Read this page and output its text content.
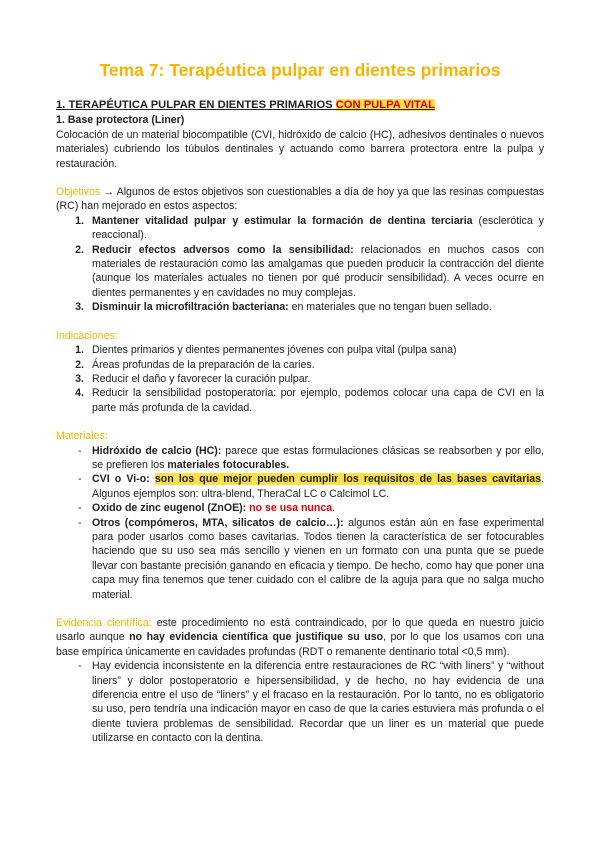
Tema 7: Terapéutica pulpar en dientes primarios

1. TERAPÉUTICA PULPAR EN DIENTES PRIMARIOS CON PULPA VITAL

1. Base protectora (Liner)

Colocación de un material biocompatible (CVI, hidróxido de calcio (HC), adhesivos dentinales o nuevos materiales) cubriendo los túbulos dentinales y actuando como barrera protectora entre la pulpa y restauración.

Objetivos → Algunos de estos objetivos son cuestionables a día de hoy ya que las resinas compuestas (RC) han mejorado en estos aspectos:

1. Mantener vitalidad pulpar y estimular la formación de dentina terciaria (esclerótica y reaccional).
2. Reducir efectos adversos como la sensibilidad: relacionados en muchos casos con materiales de restauración como las amalgamas que pueden producir la contracción del diente (aunque los materiales actuales no tienen por qué producir sensibilidad). A veces ocurre en dientes permanentes y en cavidades no muy complejas.
3. Disminuir la microfiltración bacteriana: en materiales que no tengan buen sellado.

Indicaciones:

1. Dientes primarios y dientes permanentes jóvenes con pulpa vital (pulpa sana)
2. Áreas profundas de la preparación de la caries.
3. Reducir el daño y favorecer la curación pulpar.
4. Reducir la sensibilidad postoperatoria: por ejemplo, podemos colocar una capa de CVI en la parte más profunda de la cavidad.

Materiales:

- Hidróxido de calcio (HC): parece que estas formulaciones clásicas se reabsorben y por ello, se prefieren los materiales fotocurables.
- CVI o Vi-o: son los que mejor pueden cumplir los requisitos de las bases cavitarias. Algunos ejemplos son: ultra-blend, TheraCal LC o Calcimol LC.
- Oxido de zinc eugenol (ZnOE): no se usa nunca.
- Otros (compómeros, MTA, silicatos de calcio…): algunos están aún en fase experimental para poder usarlos como bases cavitarias. Todos tienen la característica de ser fotocurables haciendo que su uso sea más sencillo y vienen en un formato con una punta que se puede llevar con bastante precisión ganando en eficacia y tiempo. De hecho, como hay que poner una capa muy fina tenemos que tener cuidado con el calibre de la aguja para que no salga mucho material.

Evidencia científica: este procedimiento no está contraindicado, por lo que queda en nuestro juicio usarlo aunque no hay evidencia científica que justifique su uso, por lo que los usamos con una base empírica únicamente en cavidades profundas (RDT o remanente dentinario total <0,5 mm).

- Hay evidencia inconsistente en la diferencia entre restauraciones de RC “with liners” y “without liners” y dolor postoperatorio e hipersensibilidad, y de hecho, no hay evidencia de una diferencia entre el uso de “liners” y el fracaso en la restauración. Por lo tanto, no es obligatorio su uso, pero tendría una indicación mayor en caso de que la caries estuviera más profunda o el diente tuviera problemas de sensibilidad. Recordar que un liner es un material que puede utilizarse en contacto con la dentina.
